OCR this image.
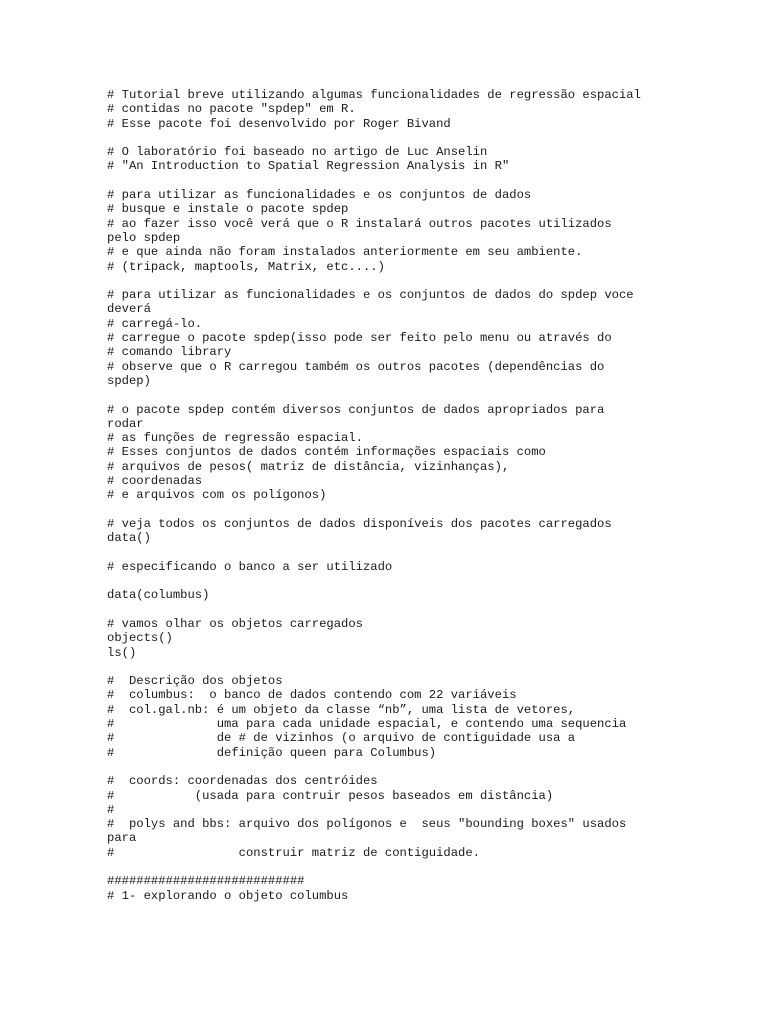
# Tutorial breve utilizando algumas funcionalidades de regressão espacial
# contidas no pacote "spdep" em R.
# Esse pacote foi desenvolvido por Roger Bivand
# O laboratório foi baseado no artigo de Luc Anselin
# "An Introduction to Spatial Regression Analysis in R"
# para utilizar as funcionalidades e os conjuntos de dados
# busque e instale o pacote spdep
# ao fazer isso você verá que o R instalará outros pacotes utilizados
pelo spdep
# e que ainda não foram instalados anteriormente em seu ambiente.
# (tripack, maptools, Matrix, etc....)
# para utilizar as funcionalidades e os conjuntos de dados do spdep voce
deverá
# carregá-lo.
# carregue o pacote spdep(isso pode ser feito pelo menu ou através do
# comando library
# observe que o R carregou também os outros pacotes (dependências do
spdep)
# o pacote spdep contém diversos conjuntos de dados apropriados para
rodar
# as funções de regressão espacial.
# Esses conjuntos de dados contém informações espaciais como
# arquivos de pesos( matriz de distância, vizinhanças),
# coordenadas
# e arquivos com os polígonos)
# veja todos os conjuntos de dados disponíveis dos pacotes carregados
data()
# especificando o banco a ser utilizado
data(columbus)
# vamos olhar os objetos carregados
objects()
ls()
#  Descrição dos objetos
#  columbus:  o banco de dados contendo com 22 variáveis
#  col.gal.nb: é um objeto da classe “nb”, uma lista de vetores,
#              uma para cada unidade espacial, e contendo uma sequencia
#              de # de vizinhos (o arquivo de contiguidade usa a
#              definição queen para Columbus)
#  coords: coordenadas dos centróides
#           (usada para contruir pesos baseados em distância)
#
#  polys and bbs: arquivo dos polígonos e  seus "bounding boxes" usados
para
#                 construir matriz de contiguidade.
###########################
# 1- explorando o objeto columbus
